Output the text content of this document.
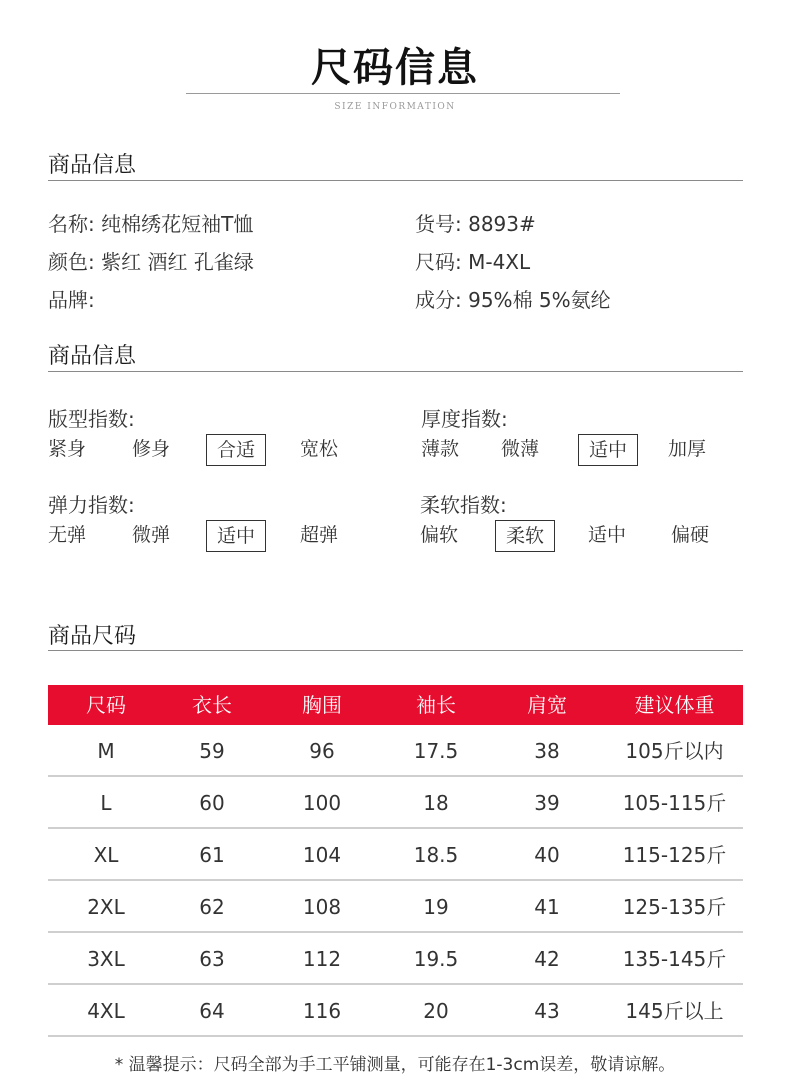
尺码信息
SIZE INFORMATION
商品信息
名称: 纯棉绣花短袖T恤
颜色: 紫红 酒红 孔雀绿
品牌:
货号: 8893#
尺码: M-4XL
成分: 95%棉 5%氨纶
商品信息
版型指数:
紧身 修身	合适	宽松
厚度指数:
薄款 微薄	适中	加厚
弹力指数:
无弹 微弹	适中	超弹
柔软指数:
偏软	柔软	适中 偏硬
商品尺码
尺码	衣长	胸围	袖长	肩宽	建议体重
M	59	96	17.5	38	105斤以内
L	60	100	18	39	105-115斤
XL	61	104	18.5	40	115-125斤
2XL	62	108	19	41	125-135斤
3XL	63	112	19.5	42	135-145斤
4XL	64	116	20	43	145斤以上
* 温馨提示：尺码全部为手工平铺测量，可能存在1-3cm误差，敬请谅解。
